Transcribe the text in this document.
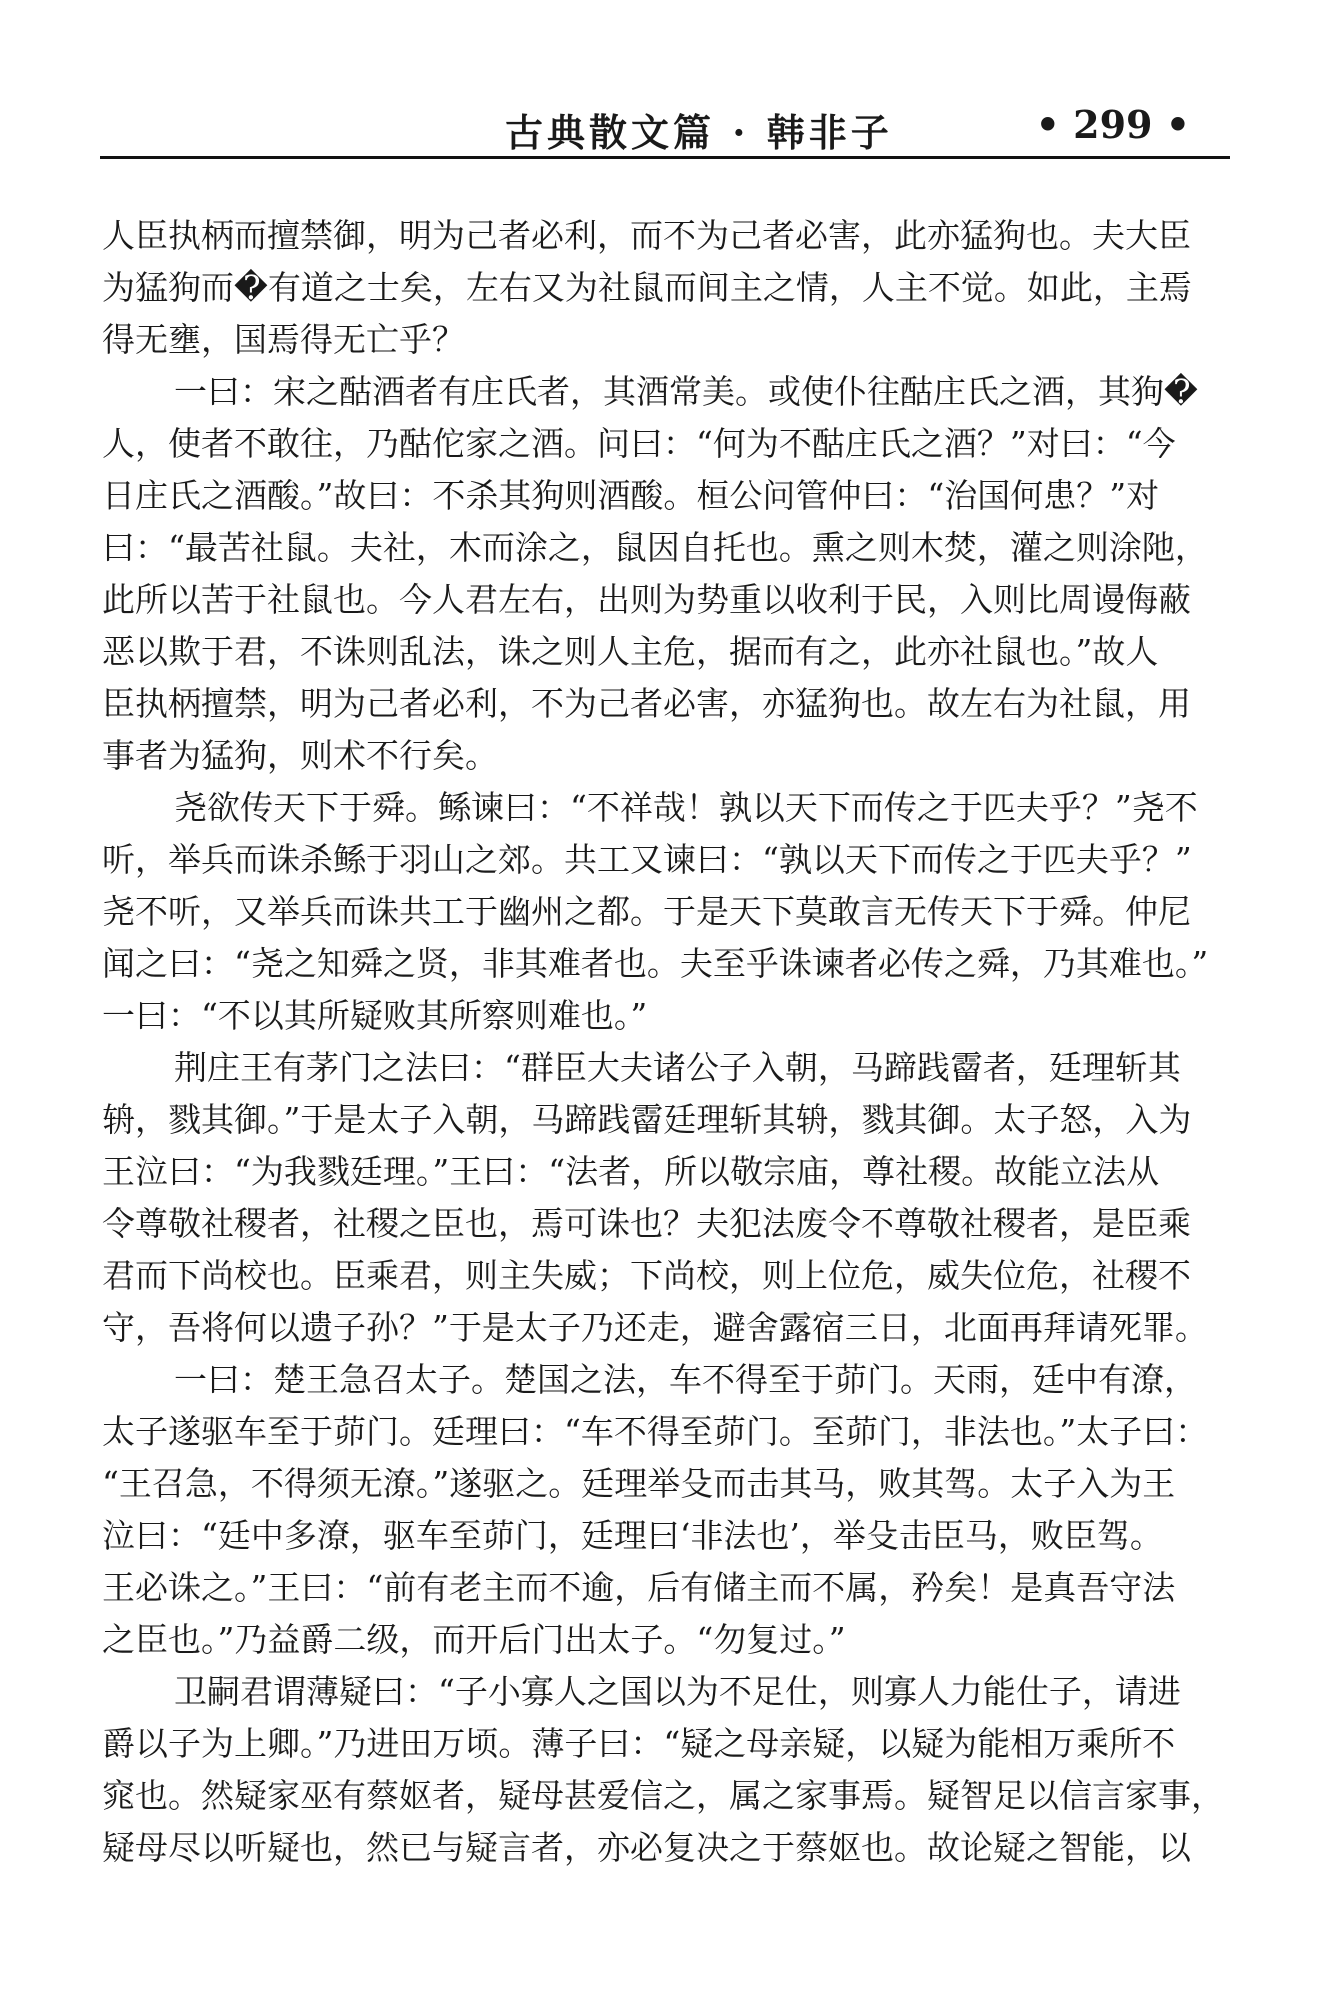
古典散文篇 · 韩非子	• 299 •
人臣执柄而擅禁御，明为己者必利，而不为己者必害，此亦猛狗也。夫大臣
为猛狗而�有道之士矣，左右又为社鼠而间主之情，人主不觉。如此，主焉
得无壅，国焉得无亡乎？
一曰：宋之酤酒者有庄氏者，其酒常美。或使仆往酤庄氏之酒，其狗�
人，使者不敢往，乃酤佗家之酒。问曰：“何为不酤庄氏之酒？”对曰：“今
日庄氏之酒酸。”故曰：不杀其狗则酒酸。桓公问管仲曰：“治国何患？”对
曰：“最苦社鼠。夫社，木而涂之，鼠因自托也。熏之则木焚，灌之则涂阤，
此所以苦于社鼠也。今人君左右，出则为势重以收利于民，入则比周谩侮蔽
恶以欺于君，不诛则乱法，诛之则人主危，据而有之，此亦社鼠也。”故人
臣执柄擅禁，明为己者必利，不为己者必害，亦猛狗也。故左右为社鼠，用
事者为猛狗，则术不行矣。
尧欲传天下于舜。鲧谏曰：“不祥哉！孰以天下而传之于匹夫乎？”尧不
听，举兵而诛杀鲧于羽山之郊。共工又谏曰：“孰以天下而传之于匹夫乎？”
尧不听，又举兵而诛共工于幽州之都。于是天下莫敢言无传天下于舜。仲尼
闻之曰：“尧之知舜之贤，非其难者也。夫至乎诛谏者必传之舜，乃其难也。”
一曰：“不以其所疑败其所察则难也。”
荆庄王有茅门之法曰：“群臣大夫诸公子入朝，马蹄践霤者，廷理斩其
辀，戮其御。”于是太子入朝，马蹄践霤廷理斩其辀，戮其御。太子怒，入为
王泣曰：“为我戮廷理。”王曰：“法者，所以敬宗庙，尊社稷。故能立法从
令尊敬社稷者，社稷之臣也，焉可诛也？夫犯法废令不尊敬社稷者，是臣乘
君而下尚校也。臣乘君，则主失威；下尚校，则上位危，威失位危，社稷不
守，吾将何以遗子孙？”于是太子乃还走，避舍露宿三日，北面再拜请死罪。
一曰：楚王急召太子。楚国之法，车不得至于茆门。天雨，廷中有潦，
太子遂驱车至于茆门。廷理曰：“车不得至茆门。至茆门，非法也。”太子曰：
“王召急，不得须无潦。”遂驱之。廷理举殳而击其马，败其驾。太子入为王
泣曰：“廷中多潦，驱车至茆门，廷理曰‘非法也’，举殳击臣马，败臣驾。
王必诛之。”王曰：“前有老主而不逾，后有储主而不属，矜矣！是真吾守法
之臣也。”乃益爵二级，而开后门出太子。“勿复过。”
卫嗣君谓薄疑曰：“子小寡人之国以为不足仕，则寡人力能仕子，请进
爵以子为上卿。”乃进田万顷。薄子曰：“疑之母亲疑，以疑为能相万乘所不
窕也。然疑家巫有蔡妪者，疑母甚爱信之，属之家事焉。疑智足以信言家事，
疑母尽以听疑也，然已与疑言者，亦必复决之于蔡妪也。故论疑之智能，以
